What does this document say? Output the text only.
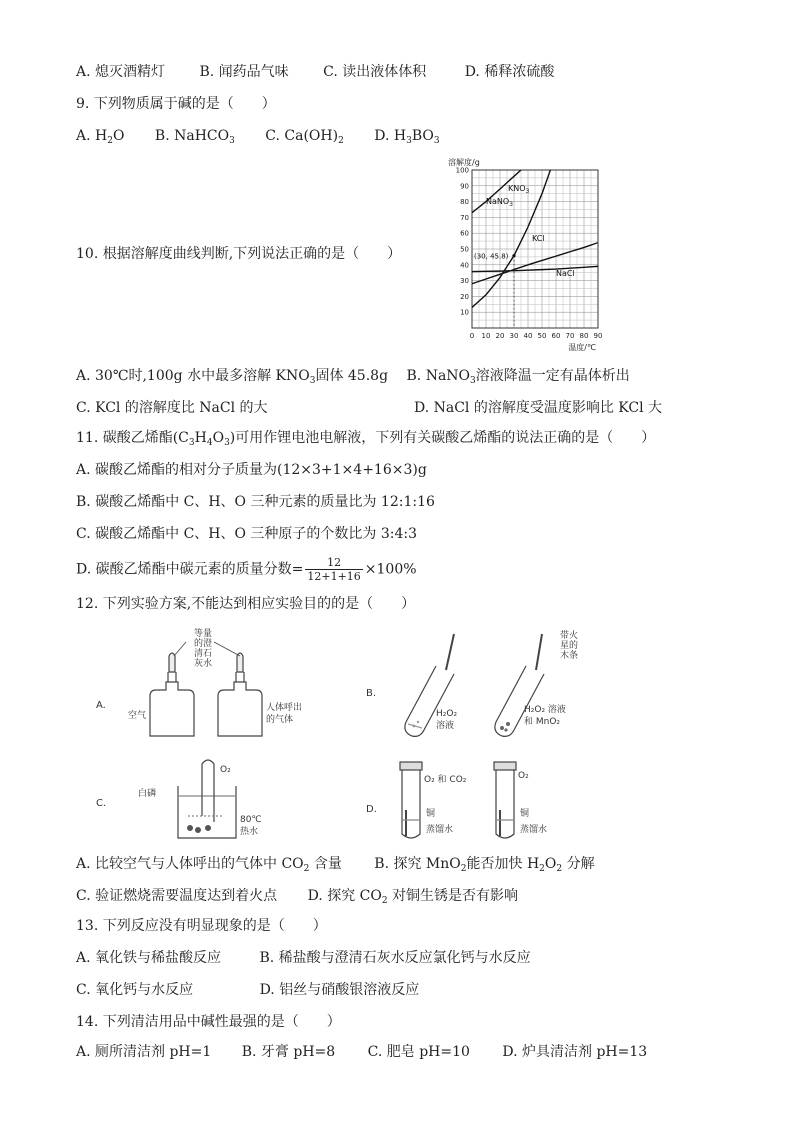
A. 熄灭酒精灯 B. 闻药品气味 C. 读出液体体积	D. 稀释浓硫酸
9. 下列物质属于碱的是（　　）
A. $H_2O$ B. NaHCO$_3$ C. $Ca(OH)_2$ D. $H_3BO_3$
10. 根据溶解度曲线判断,下列说法正确的是（　　）
0 10 20 30 40 50 60 70 80 90
10
20
30
40
50
60
70
80
90
100
溶解度/g
温度/℃
NaNO$_3$
$KNO_3$
KCl
NaCl
(30, 45.8)
A. 30℃时,100g 水中最多溶解 $KNO_3$固体 45.8g B. NaNO$_3$溶液降温一定有晶体析出
C. KCl 的溶解度比 NaCl 的大	D. NaCl 的溶解度受温度影响比 KCl 大
11. 碳酸乙烯酯$(C_3H_4O_3)$可用作锂电池电解液，下列有关碳酸乙烯酯的说法正确的是（　　）
A. 碳酸乙烯酯的相对分子质量为(12×3+1×4+16×3)g
B. 碳酸乙烯酯中 C、H、O 三种元素的质量比为 12:1:16
C. 碳酸乙烯酯中 C、H、O 三种原子的个数比为 3:4:3
D. 碳酸乙烯酯中碳元素的质量分数= $\frac{12}{12+1+16} \times 100\%$
12. 下列实验方案,不能达到相应实验目的的是（　　）
A.
等量
的澄
清石
灰水
空气
人体呼出
的气体
B.
带火
星的
木条
H₂O₂
溶液
H₂O₂ 溶液
和 MnO₂
C.
白磷
O₂
80℃
热水
D.
O₂ 和 CO₂	O₂
铜
蒸馏水
铜
蒸馏水
A. 比较空气与人体呼出的气体中 $CO_2$ 含量 B. 探究 MnO$_2$能否加快 $H_2O_2$ 分解
C. 验证燃烧需要温度达到着火点 D. 探究 $CO_2$ 对铜生锈是否有影响
13. 下列反应没有明显现象的是（　　）
A. 氧化铁与稀盐酸反应	B. 稀盐酸与澄清石灰水反应氯化钙与水反应
C. 氧化钙与水反应	D. 铝丝与硝酸银溶液反应
14. 下列清洁用品中碱性最强的是（　　）
A. 厕所清洁剂 pH=1 B. 牙膏 pH=8 C. 肥皂 pH=10 D. 炉具清洁剂 pH=13
